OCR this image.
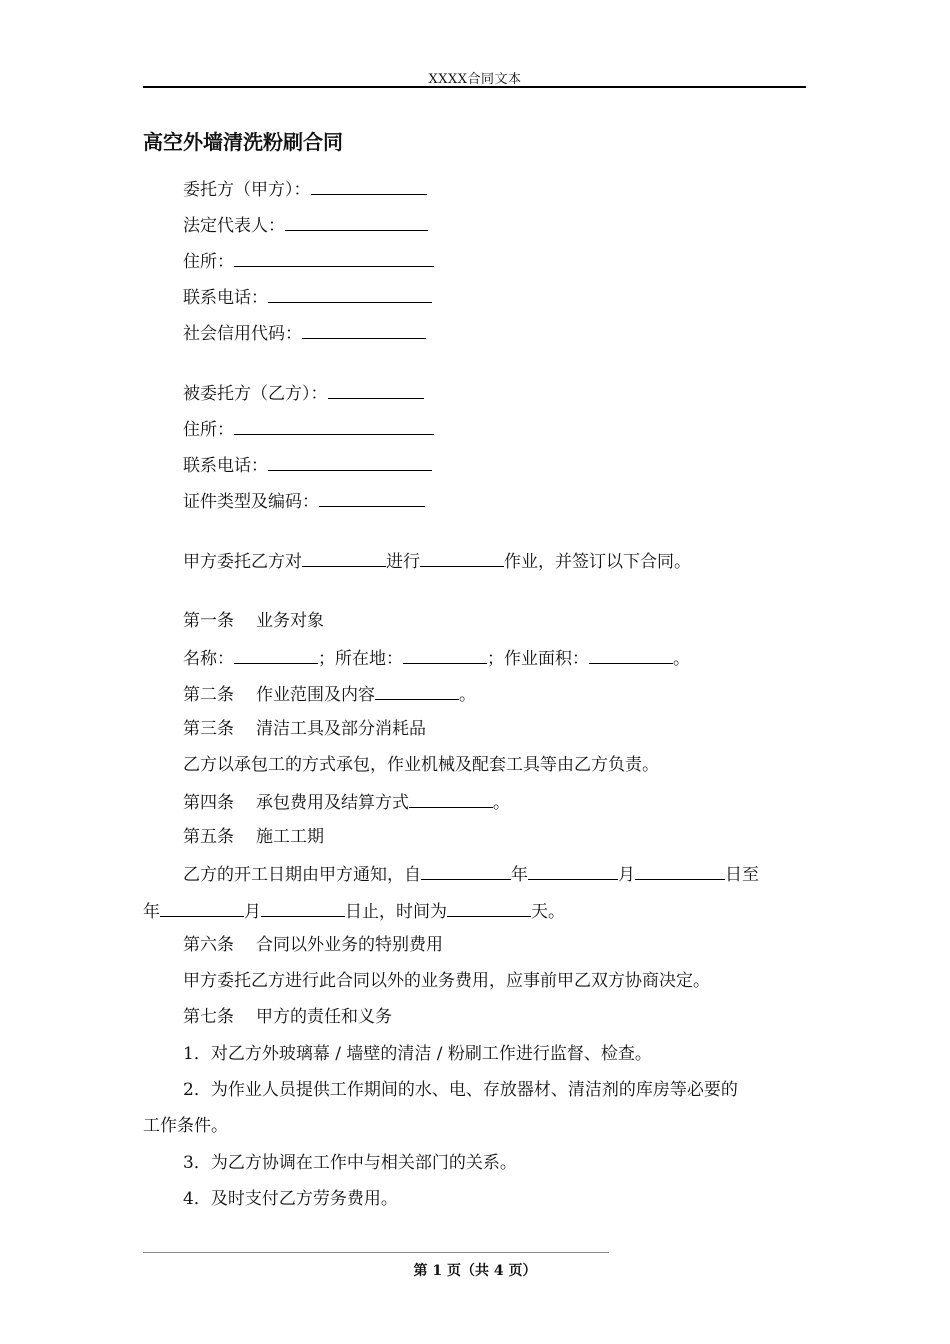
XXXX合同文本
高空外墙清洗粉刷合同
委托方（甲方）：
法定代表人：
住所：
联系电话：
社会信用代码：
被委托方（乙方）：
住所：
联系电话：
证件类型及编码：
甲方委托乙方对	进行	作业，并签订以下合同。
第一条 业务对象
名称：	；所在地：	；作业面积：	。
第二条 作业范围及内容	。
第三条 清洁工具及部分消耗品
乙方以承包工的方式承包，作业机械及配套工具等由乙方负责。
第四条 承包费用及结算方式	。
第五条 施工工期
乙方的开工日期由甲方通知，自	年	月	日至
年	月	日止，时间为	天。
第六条 合同以外业务的特别费用
甲方委托乙方进行此合同以外的业务费用，应事前甲乙双方协商决定。
第七条 甲方的责任和义务
1．对乙方外玻璃幕 / 墙壁的清洁 / 粉刷工作进行监督、检查。
2．为作业人员提供工作期间的水、电、存放器材、清洁剂的库房等必要的
工作条件。
3．为乙方协调在工作中与相关部门的关系。
4．及时支付乙方劳务费用。
第 1 页（共 4 页）
